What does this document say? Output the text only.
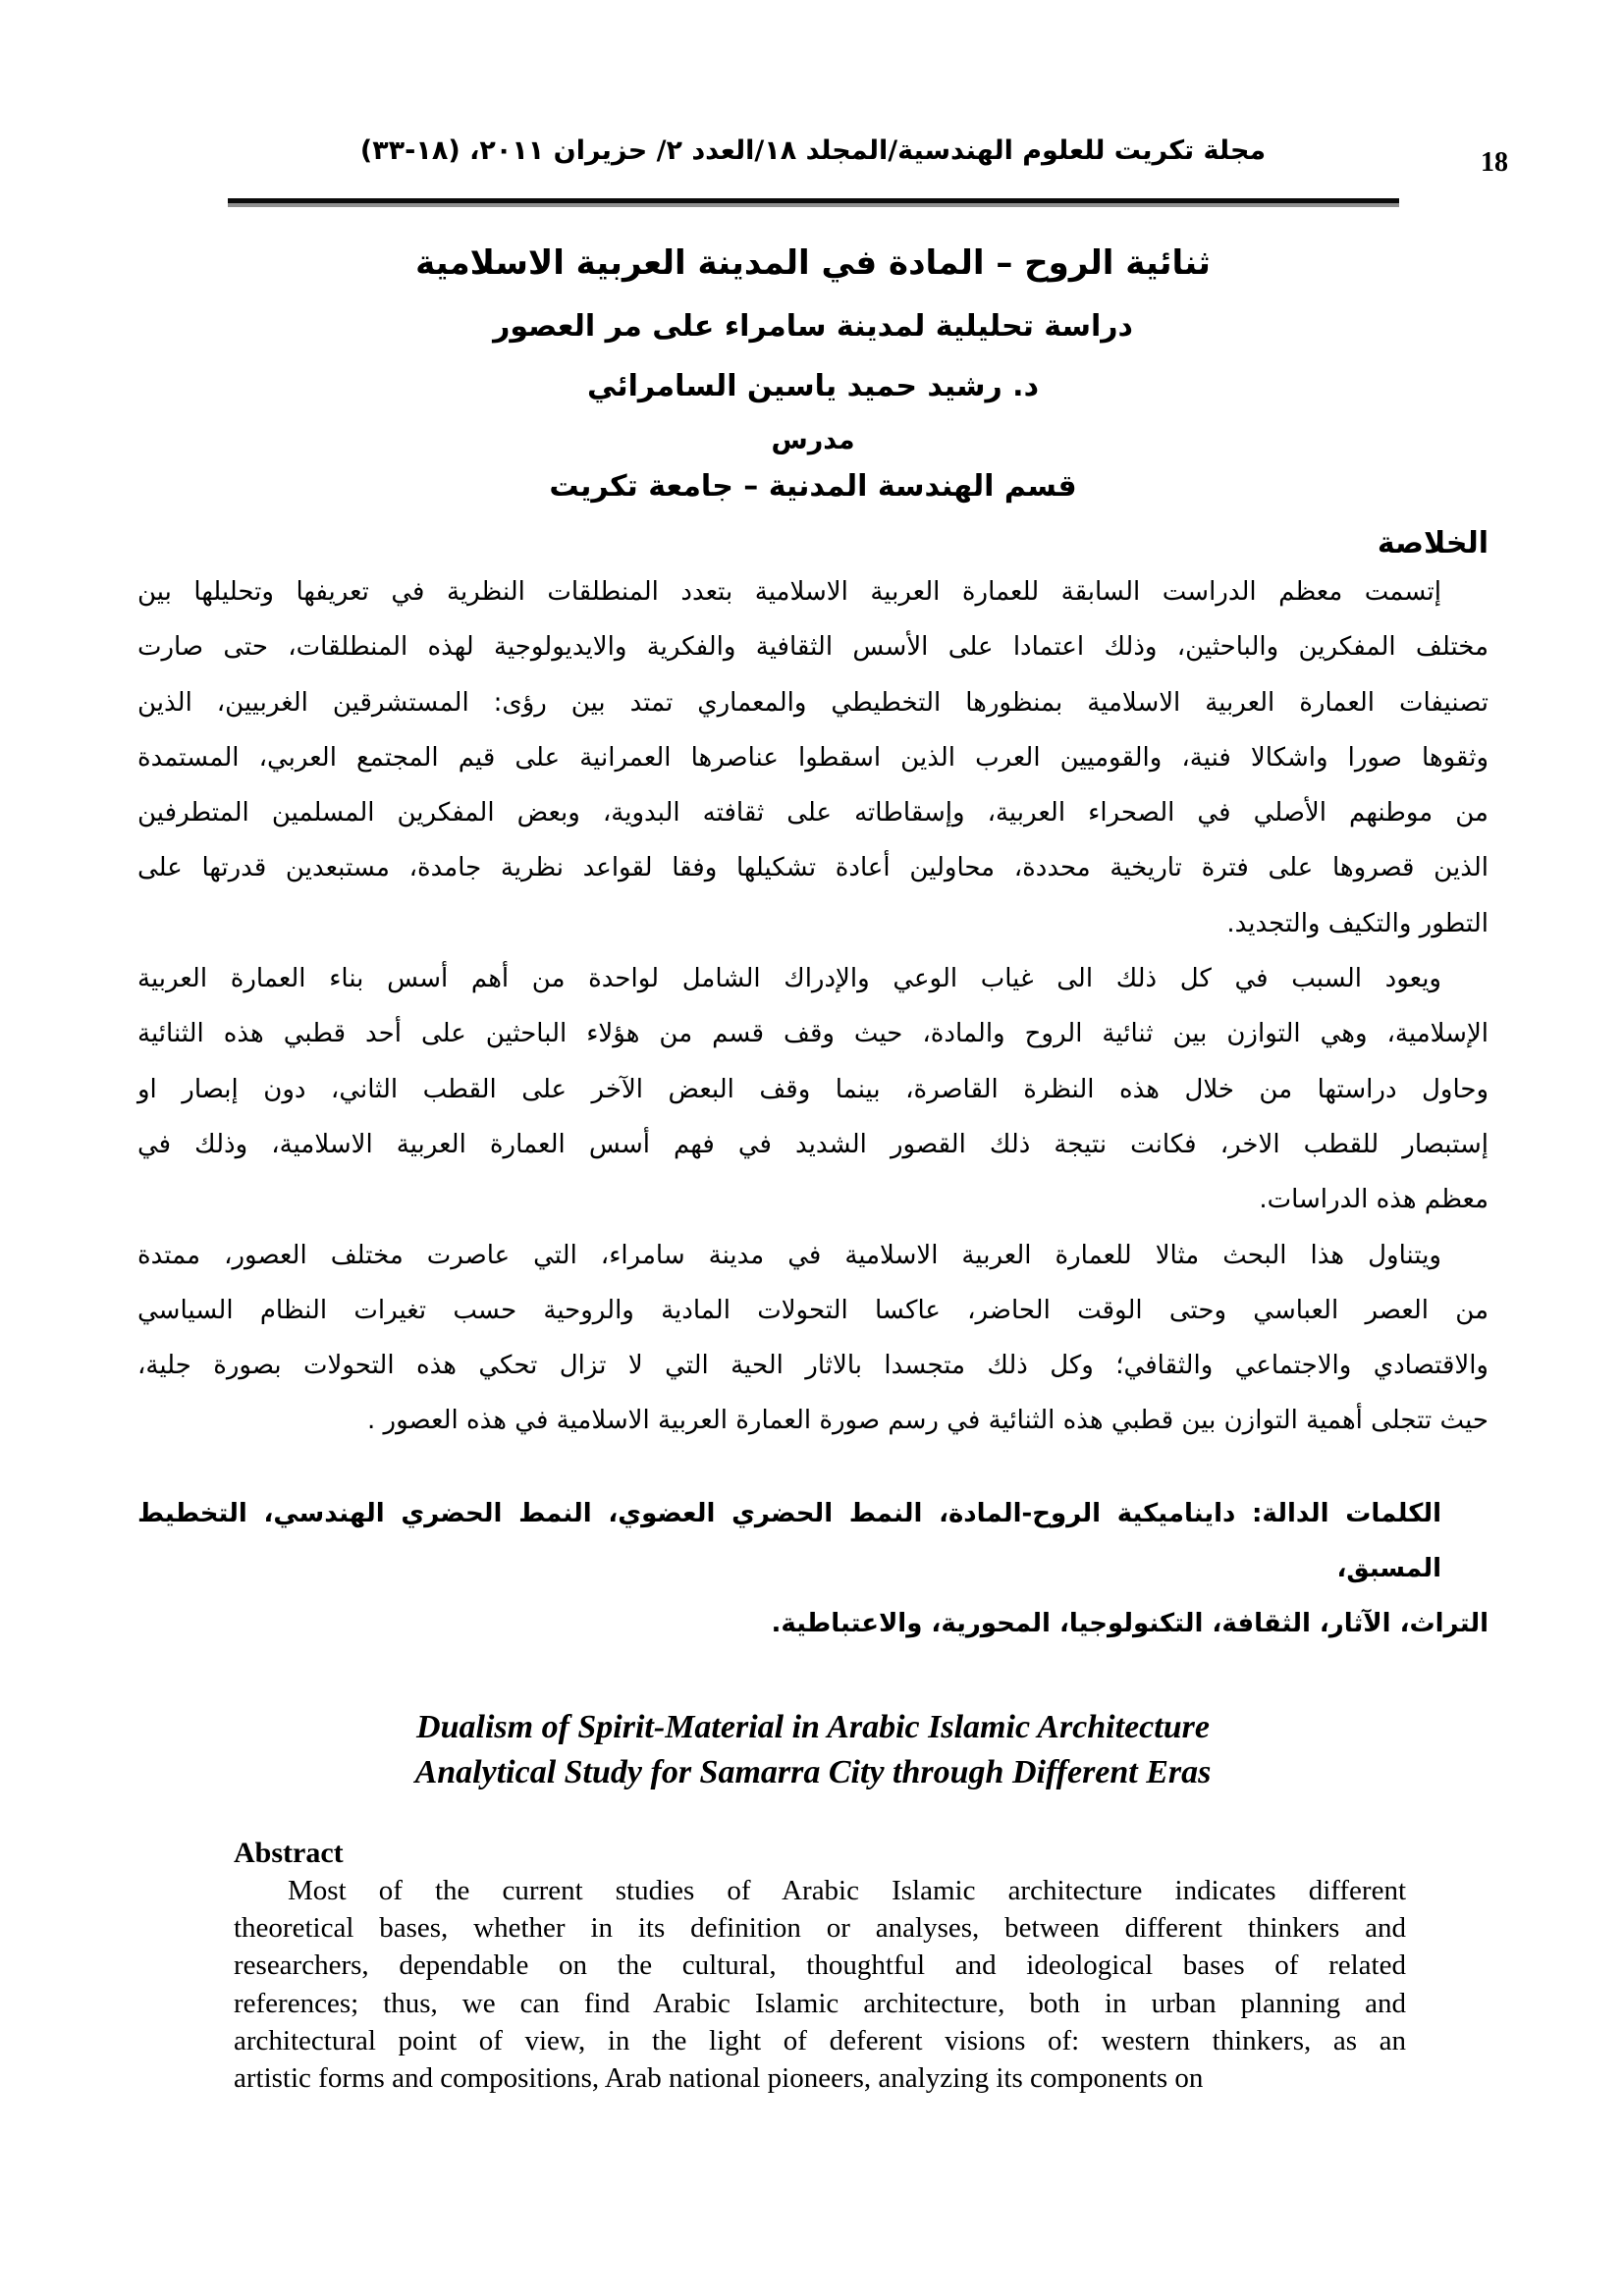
18
مجلة تكريت للعلوم الهندسية/المجلد ١٨/العدد ٢/ حزيران ٢٠١١، (١٨-٣٣)
ثنائية الروح – المادة في المدينة العربية الاسلامية
دراسة تحليلية لمدينة سامراء على مر العصور
د. رشيد حميد ياسين السامرائي
مدرس
قسم الهندسة المدنية – جامعة تكريت
الخلاصة
إتسمت معظم الدراست السابقة للعمارة العربية الاسلامية بتعدد المنطلقات النظرية في تعريفها وتحليلها بين
مختلف المفكرين والباحثين، وذلك اعتمادا على الأسس الثقافية والفكرية والايديولوجية لهذه المنطلقات، حتى صارت
تصنيفات العمارة العربية الاسلامية بمنظورها التخطيطي والمعماري تمتد بين رؤى: المستشرقين الغربيين، الذين
وثقوها صورا واشكالا فنية، والقوميين العرب الذين اسقطوا عناصرها العمرانية على قيم المجتمع العربي، المستمدة
من موطنهم الأصلي في الصحراء العربية، وإسقاطاته على ثقافته البدوية، وبعض المفكرين المسلمين المتطرفين
الذين قصروها على فترة تاريخية محددة، محاولين أعادة تشكيلها وفقا لقواعد نظرية جامدة، مستبعدين قدرتها على
التطور والتكيف والتجديد.
ويعود السبب في كل ذلك الى غياب الوعي والإدراك الشامل لواحدة من أهم أسس بناء العمارة العربية
الإسلامية، وهي التوازن بين ثنائية الروح والمادة، حيث وقف قسم من هؤلاء الباحثين على أحد قطبي هذه الثنائية
وحاول دراستها من خلال هذه النظرة القاصرة، بينما وقف البعض الآخر على القطب الثاني، دون إبصار او
إستبصار للقطب الاخر، فكانت نتيجة ذلك القصور الشديد في فهم أسس العمارة العربية الاسلامية، وذلك في
معظم هذه الدراسات.
ويتناول هذا البحث مثالا للعمارة العربية الاسلامية في مدينة سامراء، التي عاصرت مختلف العصور، ممتدة
من العصر العباسي وحتى الوقت الحاضر، عاكسا التحولات المادية والروحية حسب تغيرات النظام السياسي
والاقتصادي والاجتماعي والثقافي؛ وكل ذلك متجسدا بالاثار الحية التي لا تزال تحكي هذه التحولات بصورة جلية،
حيث تتجلى أهمية التوازن بين قطبي هذه الثنائية في رسم صورة العمارة العربية الاسلامية في هذه العصور .
الكلمات الدالة: دايناميكية الروح-المادة، النمط الحضري العضوي، النمط الحضري الهندسي، التخطيط المسبق،
التراث، الآثار، الثقافة، التكنولوجيا، المحورية، والاعتباطية.
Dualism of Spirit-Material in Arabic Islamic Architecture
Analytical Study for Samarra City through Different Eras
Abstract
Most of the current studies of Arabic Islamic architecture indicates different
theoretical bases, whether in its definition or analyses, between different thinkers and
researchers, dependable on the cultural, thoughtful and ideological bases of related
references; thus, we can find Arabic Islamic architecture, both in urban planning and
architectural point of view, in the light of deferent visions of: western thinkers, as an
artistic forms and compositions, Arab national pioneers, analyzing its components on
